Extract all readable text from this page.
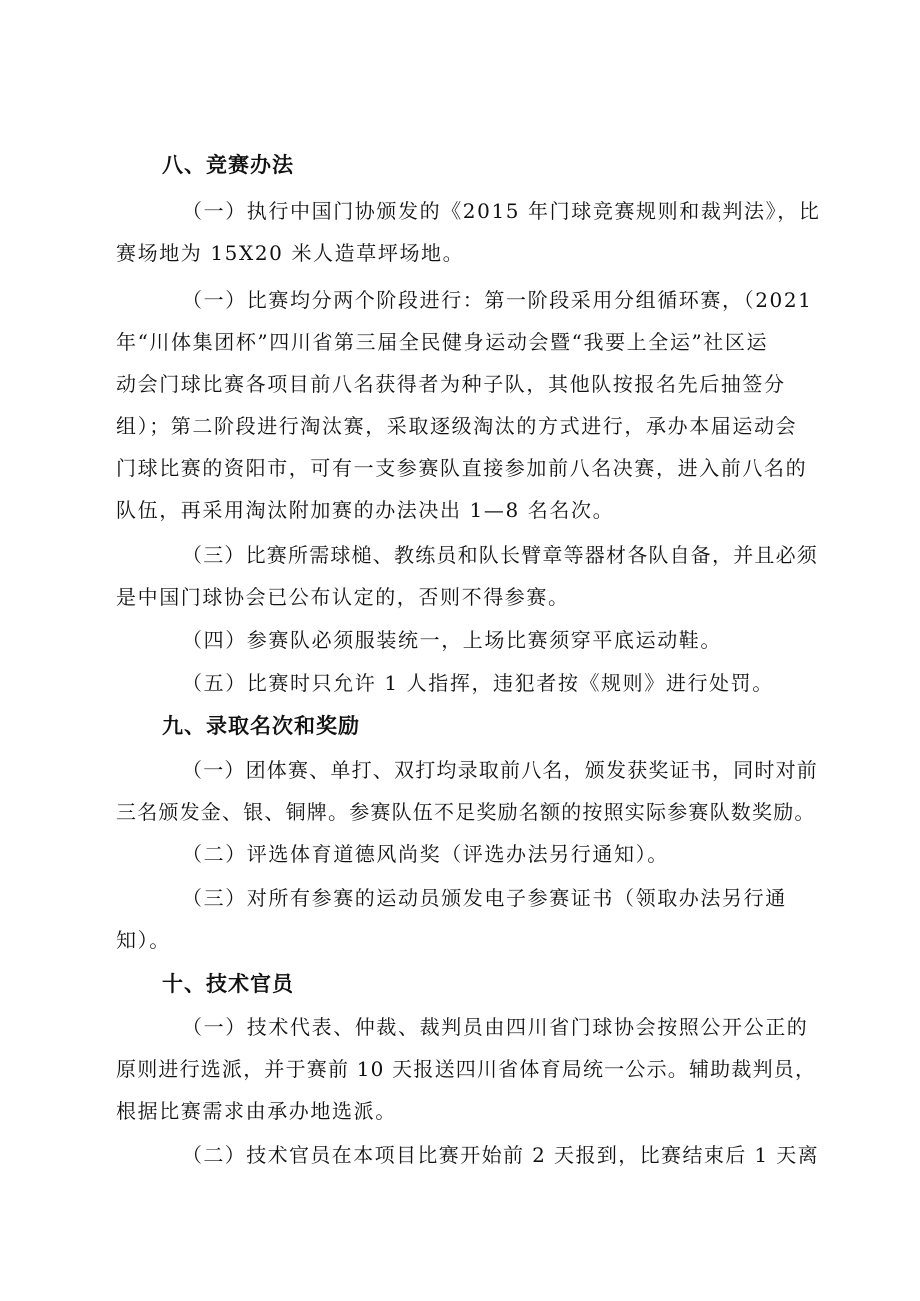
八、竞赛办法
（一）执行中国门协颁发的《2015 年门球竞赛规则和裁判法》，比
赛场地为 15X20 米人造草坪场地。
（一）比赛均分两个阶段进行：第一阶段采用分组循环赛，（2021
年“川体集团杯”四川省第三届全民健身运动会暨“我要上全运”社区运
动会门球比赛各项目前八名获得者为种子队，其他队按报名先后抽签分
组）；第二阶段进行淘汰赛，采取逐级淘汰的方式进行，承办本届运动会
门球比赛的资阳市，可有一支参赛队直接参加前八名决赛，进入前八名的
队伍，再采用淘汰附加赛的办法决出 1—8 名名次。
（三）比赛所需球槌、教练员和队长臂章等器材各队自备，并且必须
是中国门球协会已公布认定的，否则不得参赛。
（四）参赛队必须服装统一，上场比赛须穿平底运动鞋。
（五）比赛时只允许 1 人指挥，违犯者按《规则》进行处罚。
九、录取名次和奖励
（一）团体赛、单打、双打均录取前八名，颁发获奖证书，同时对前
三名颁发金、银、铜牌。参赛队伍不足奖励名额的按照实际参赛队数奖励。
（二）评选体育道德风尚奖（评选办法另行通知）。
（三）对所有参赛的运动员颁发电子参赛证书（领取办法另行通
知）。
十、技术官员
（一）技术代表、仲裁、裁判员由四川省门球协会按照公开公正的
原则进行选派，并于赛前 10 天报送四川省体育局统一公示。辅助裁判员，
根据比赛需求由承办地选派。
（二）技术官员在本项目比赛开始前 2 天报到，比赛结束后 1 天离
